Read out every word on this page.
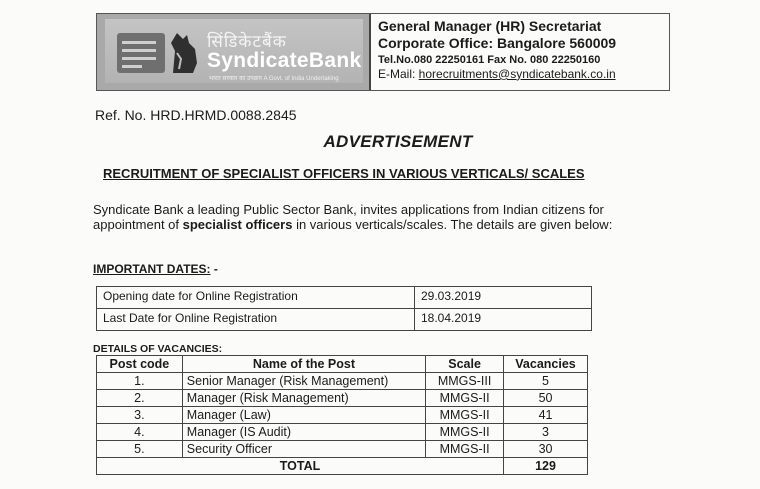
सिंडिकेटबैंक
SyndicateBank
भारत सरकार का उपक्रम A Govt. of India Undertaking
General Manager (HR) Secretariat
Corporate Office: Bangalore 560009
Tel.No.080 22250161 Fax No. 080 22250160
E-Mail: horecruitments@syndicatebank.co.in
Ref. No. HRD.HRMD.0088.2845
ADVERTISEMENT
RECRUITMENT OF SPECIALIST OFFICERS IN VARIOUS VERTICALS/ SCALES
Syndicate Bank a leading Public Sector Bank, invites applications from Indian citizens for appointment of specialist officers in various verticals/scales. The details are given below:
IMPORTANT DATES: -
Opening date for Online Registration	29.03.2019
Last Date for Online Registration	18.04.2019
DETAILS OF VACANCIES:
Post code	Name of the Post	Scale	Vacancies
1.	Senior Manager (Risk Management)	MMGS-III	5
2.	Manager (Risk Management)	MMGS-II	50
3.	Manager (Law)	MMGS-II	41
4.	Manager (IS Audit)	MMGS-II	3
5.	Security Officer	MMGS-II	30
TOTAL			129
